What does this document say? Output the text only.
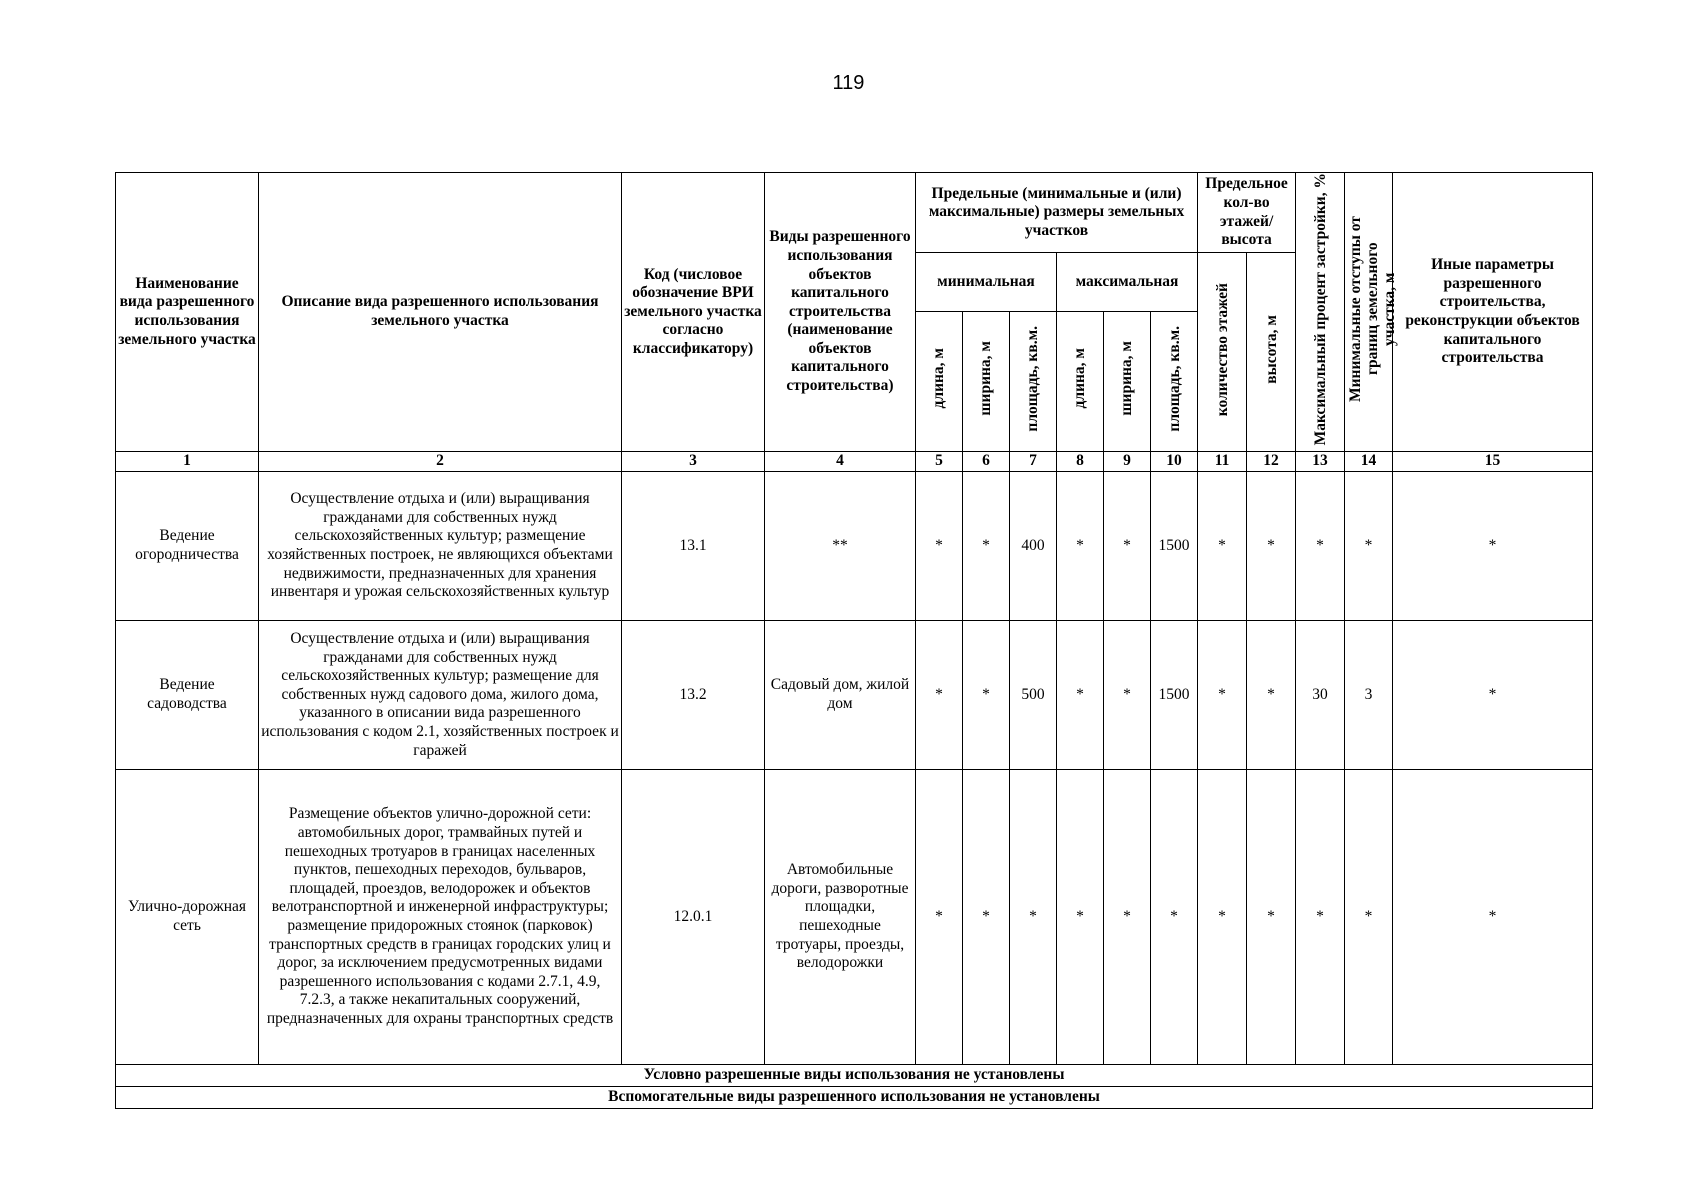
119
Наименование вида разрешенного использования земельного участка	Описание вида разрешенного использования земельного участка	Код (числовое обозначение ВРИ земельного участка согласно классификатору)	Виды разрешенного использования объектов капитального строительства (наименование объектов капитального строительства)	Предельные (минимальные и (или) максимальные) размеры земельных участков						Предельное кол-во этажей/ высота		Максимальный процент застройки, %	Минимальные отступы от границ земельного участка, м	Иные параметры разрешенного строительства, реконструкции объектов капитального строительства
				минимальная			максимальная			количество этажей	высота, м			
				длина, м	ширина, м	площадь, кв.м.	длина, м	ширина, м	площадь, кв.м.					
1	2	3	4	5	6	7	8	9	10	11	12	13	14	15
Ведение огородничества	Осуществление отдыха и (или) выращивания гражданами для собственных нужд сельскохозяйственных культур; размещение хозяйственных построек, не являющихся объектами недвижимости, предназначенных для хранения инвентаря и урожая сельскохозяйственных культур	13.1	**	*	*	400	*	*	1500	*	*	*	*	*
Ведение садоводства	Осуществление отдыха и (или) выращивания гражданами для собственных нужд сельскохозяйственных культур; размещение для собственных нужд садового дома, жилого дома, указанного в описании вида разрешенного использования с кодом 2.1, хозяйственных построек и гаражей	13.2	Садовый дом, жилой дом	*	*	500	*	*	1500	*	*	30	3	*
Улично-дорожная сеть	Размещение объектов улично-дорожной сети: автомобильных дорог, трамвайных путей и пешеходных тротуаров в границах населенных пунктов, пешеходных переходов, бульваров, площадей, проездов, велодорожек и объектов велотранспортной и инженерной инфраструктуры; размещение придорожных стоянок (парковок) транспортных средств в границах городских улиц и дорог, за исключением предусмотренных видами разрешенного использования с кодами 2.7.1, 4.9, 7.2.3, а также некапитальных сооружений, предназначенных для охраны транспортных средств	12.0.1	Автомобильные дороги, разворотные площадки, пешеходные тротуары, проезды, велодорожки	*	*	*	*	*	*	*	*	*	*	*
Условно разрешенные виды использования не установлены														
Вспомогательные виды разрешенного использования не установлены														
